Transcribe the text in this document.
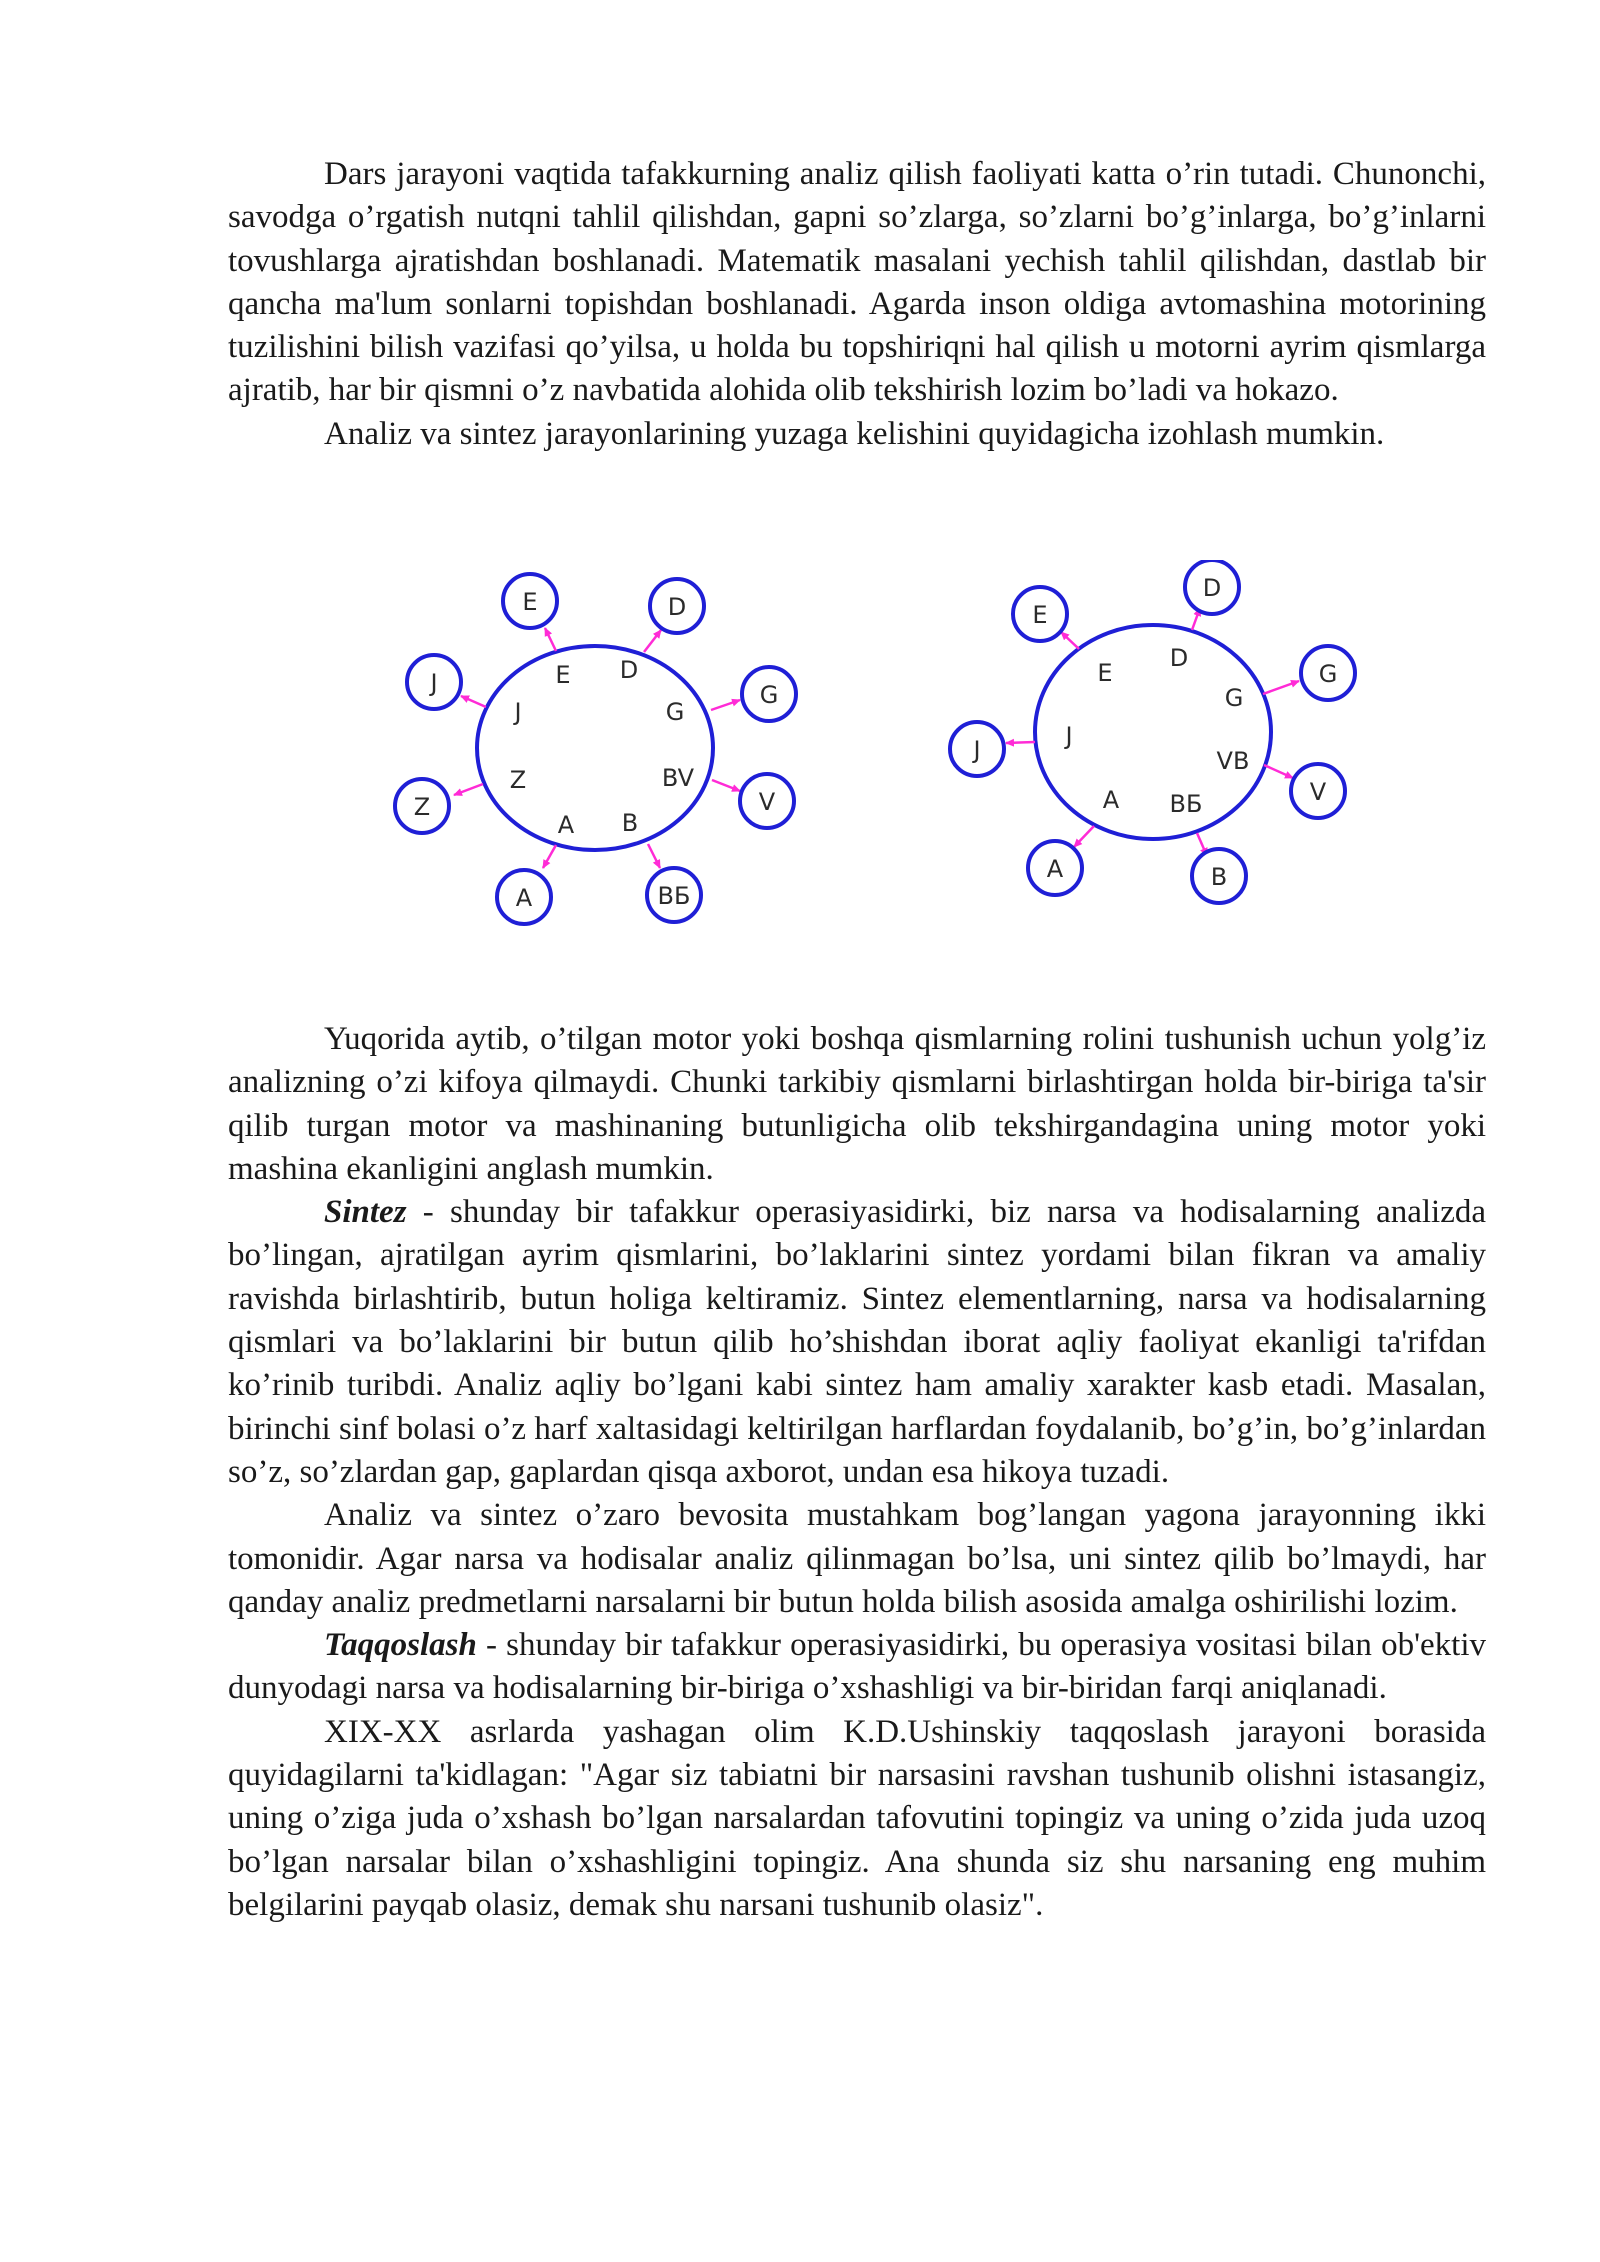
Dars jarayoni vaqtida tafakkurning analiz qilish faoliyati katta o’rin tutadi. Chunonchi, savodga o’rgatish nutqni tahlil qilishdan, gapni so’zlarga, so’zlarni bo’g’inlarga, bo’g’inlarni tovushlarga ajratishdan boshlanadi. Matematik masalani yechish tahlil qilishdan, dastlab bir qancha ma'lum sonlarni topishdan boshlanadi. Agarda inson oldiga avtomashina motorining tuzilishini bilish vazifasi qo’yilsa, u holda bu topshiriqni hal qilish u motorni ayrim qismlarga ajratib, har bir qismni o’z navbatida alohida olib tekshirish lozim bo’ladi va hokazo.

Analiz va sintez jarayonlarining yuzaga kelishini quyidagicha izohlash mumkin.

E D
J	G
Z	BV
A B
E	D
J	G
Z	V
A	ВБ
E
D
G
J
VB
A ВБ
E
D
G
J
V
A	B

Yuqorida aytib, o’tilgan motor yoki boshqa qismlarning rolini tushunish uchun yolg’iz analizning o’zi kifoya qilmaydi. Chunki tarkibiy qismlarni birlashtirgan holda bir-biriga ta'sir qilib turgan motor va mashinaning butunligicha olib tekshirgandagina uning motor yoki mashina ekanligini anglash mumkin.

Sintez - shunday bir tafakkur operasiyasidirki, biz narsa va hodisalarning analizda bo’lingan, ajratilgan ayrim qismlarini, bo’laklarini sintez yordami bilan fikran va amaliy ravishda birlashtirib, butun holiga keltiramiz. Sintez elementlarning, narsa va hodisalarning qismlari va bo’laklarini bir butun qilib ho’shishdan iborat aqliy faoliyat ekanligi ta'rifdan ko’rinib turibdi. Analiz aqliy bo’lgani kabi sintez ham amaliy xarakter kasb etadi. Masalan, birinchi sinf bolasi o’z harf xaltasidagi keltirilgan harflardan foydalanib, bo’g’in, bo’g’inlardan so’z, so’zlardan gap, gaplardan qisqa axborot, undan esa hikoya tuzadi.

Analiz va sintez o’zaro bevosita mustahkam bog’langan yagona jarayonning ikki tomonidir. Agar narsa va hodisalar analiz qilinmagan bo’lsa, uni sintez qilib bo’lmaydi, har qanday analiz predmetlarni narsalarni bir butun holda bilish asosida amalga oshirilishi lozim.

Taqqoslash - shunday bir tafakkur operasiyasidirki, bu operasiya vositasi bilan ob'ektiv dunyodagi narsa va hodisalarning bir-biriga o’xshashligi va bir-biridan farqi aniqlanadi.

XIX-XX asrlarda yashagan olim K.D.Ushinskiy taqqoslash jarayoni borasida quyidagilarni ta'kidlagan: "Agar siz tabiatni bir narsasini ravshan tushunib olishni istasangiz, uning o’ziga juda o’xshash bo’lgan narsalardan tafovutini topingiz va uning o’zida juda uzoq bo’lgan narsalar bilan o’xshashligini topingiz. Ana shunda siz shu narsaning eng muhim belgilarini payqab olasiz, demak shu narsani tushunib olasiz".
